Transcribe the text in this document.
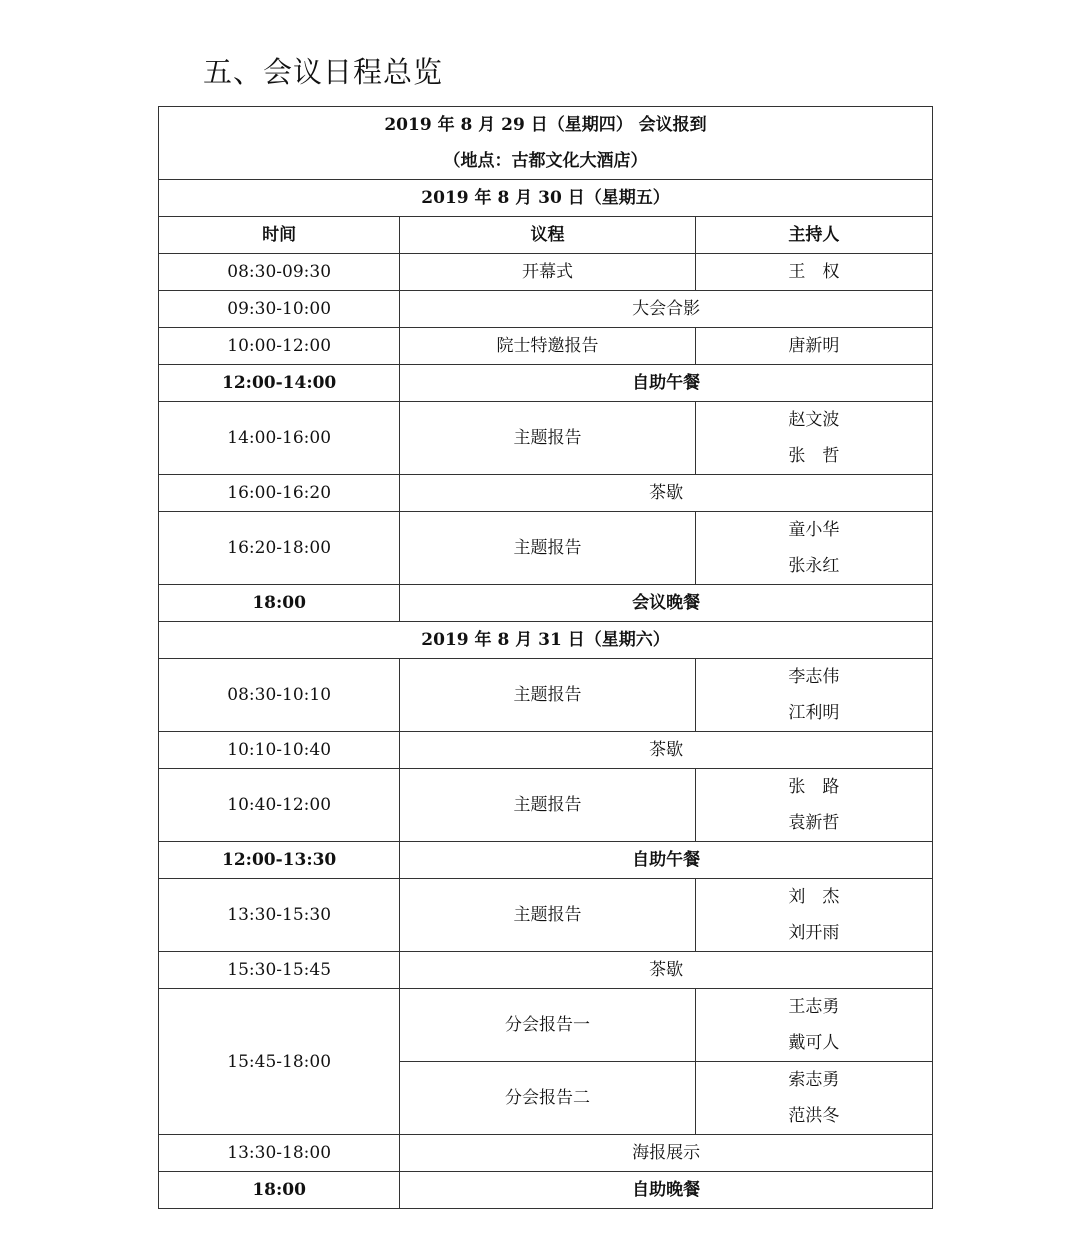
五、会议日程总览
2019 年 8 月 29 日（星期四） 会议报到
（地点：古都文化大酒店）		

2019 年 8 月 30 日（星期五）		
时间	议程	主持人
08:30-09:30	开幕式	王　权
09:30-10:00	大会合影	
10:00-12:00	院士特邀报告	唐新明
12:00-14:00	自助午餐	
14:00-16:00	主题报告	赵文波
张　哲

16:00-16:20	茶歇	
16:20-18:00	主题报告	童小华
张永红

18:00	会议晚餐	
2019 年 8 月 31 日（星期六）		
08:30-10:10	主题报告	李志伟
江利明

10:10-10:40	茶歇	
10:40-12:00	主题报告	张　路
袁新哲

12:00-13:30	自助午餐	
13:30-15:30	主题报告	刘　杰
刘开雨

15:30-15:45	茶歇	
15:45-18:00	分会报告一	王志勇
戴可人

	分会报告二	索志勇
范洪冬

13:30-18:00	海报展示	
18:00	自助晚餐	
